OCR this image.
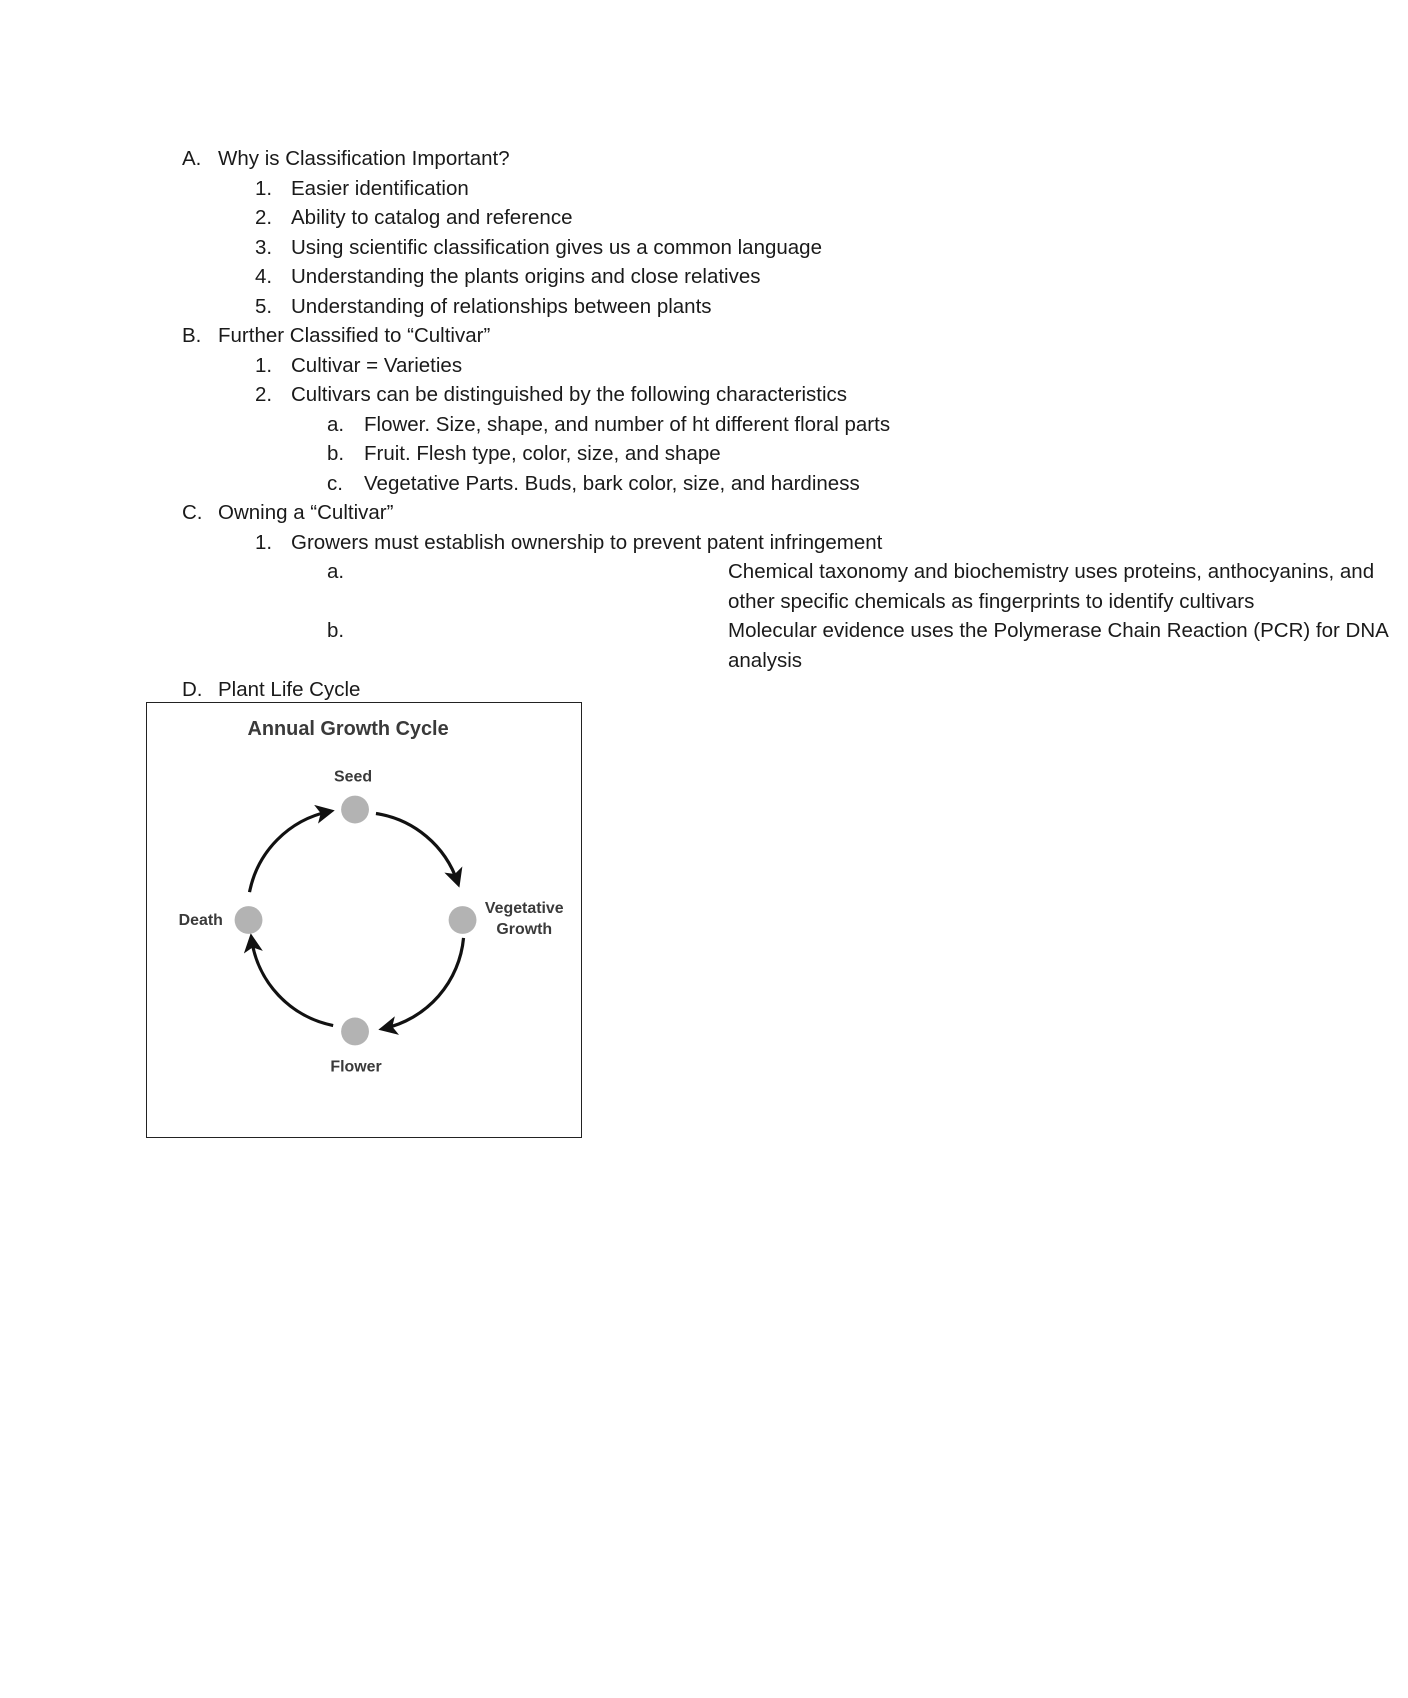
A. Why is Classification Important?
1. Easier identification
2. Ability to catalog and reference
3. Using scientific classification gives us a common language
4. Understanding the plants origins and close relatives
5. Understanding of relationships between plants
B. Further Classified to “Cultivar”
1. Cultivar = Varieties
2. Cultivars can be distinguished by the following characteristics
a. Flower. Size, shape, and number of ht different floral parts
b. Fruit. Flesh type, color, size, and shape
c. Vegetative Parts. Buds, bark color, size, and hardiness
C. Owning a “Cultivar”
1. Growers must establish ownership to prevent patent infringement
a.	Chemical taxonomy and biochemistry uses proteins, anthocyanins, and other specific chemicals as fingerprints to identify cultivars
b.	Molecular evidence uses the Polymerase Chain Reaction (PCR) for DNA analysis
D. Plant Life Cycle
Annual Growth Cycle
Seed
Vegetative
Growth
Flower
Death
